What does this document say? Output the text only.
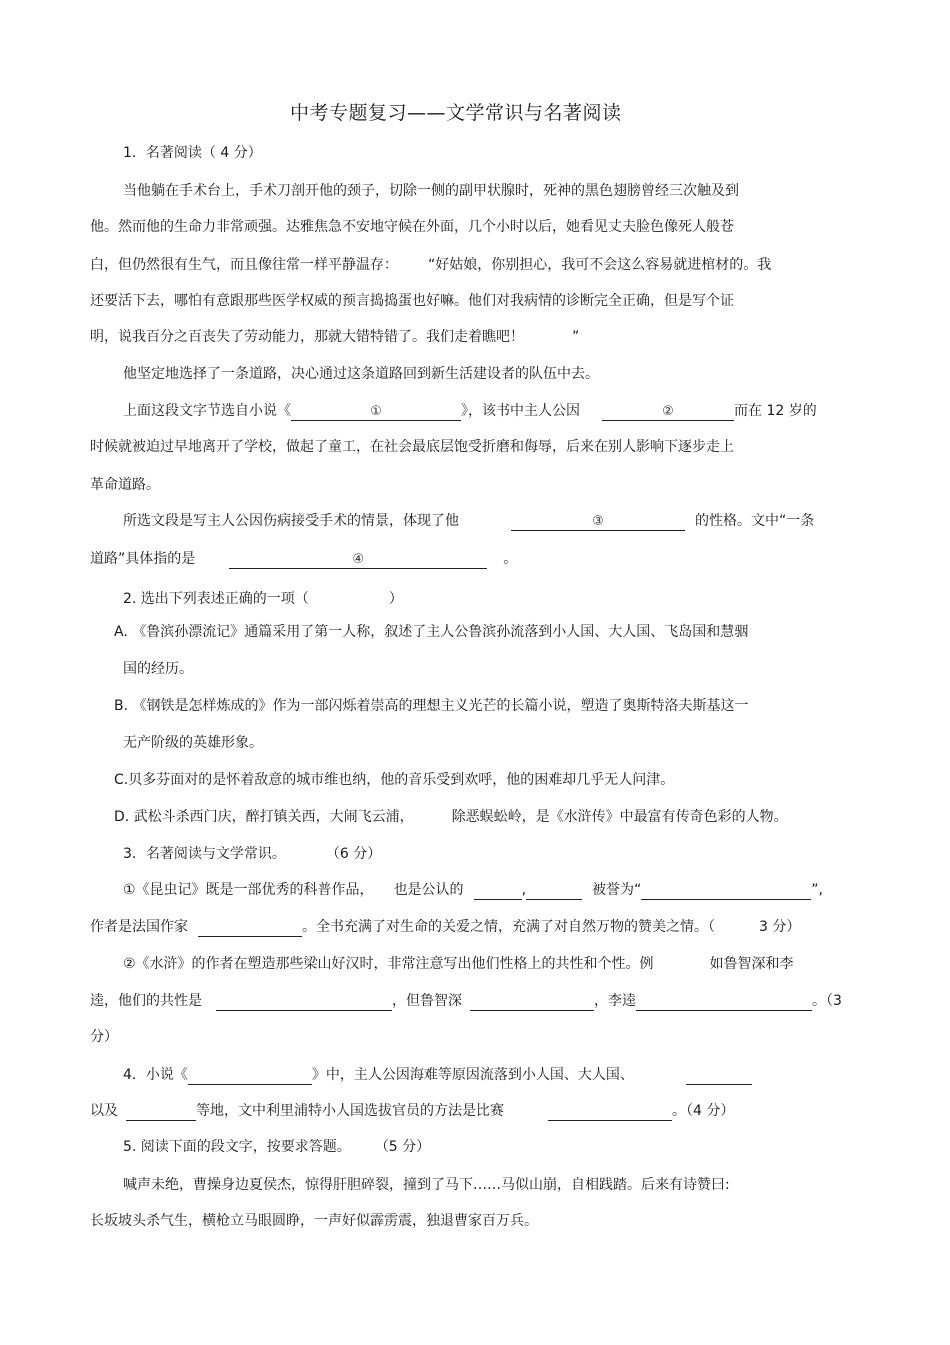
中考专题复习——文学常识与名著阅读
1．名著阅读（ 4 分）
当他躺在手术台上，手术刀剖开他的颈子，切除一侧的副甲状腺时，死神的黑色翅膀曾经三次触及到
他。然而他的生命力非常顽强。达雅焦急不安地守候在外面，几个小时以后，她看见丈夫脸色像死人般苍
白，但仍然很有生气，而且像往常一样平静温存： “好姑娘，你别担心，我可不会这么容易就进棺材的。我
还要活下去，哪怕有意跟那些医学权威的预言捣捣蛋也好嘛。他们对我病情的诊断完全正确，但是写个证
明，说我百分之百丧失了劳动能力，那就大错特错了。我们走着瞧吧！	”
他坚定地选择了一条道路，决心通过这条道路回到新生活建设者的队伍中去。
上面这段文字节选自小说《	①	》，该书中主人公因	②	而在 12 岁的
时候就被迫过早地离开了学校，做起了童工，在社会最底层饱受折磨和侮辱，后来在别人影响下逐步走上
革命道路。
所选文段是写主人公因伤病接受手术的情景，体现了他	③	的性格。文中“一条
道路”具体指的是	④	。
2. 选出下列表述正确的一项（	）
A. 《鲁滨孙漂流记》通篇采用了第一人称，叙述了主人公鲁滨孙流落到小人国、大人国、飞岛国和慧骃
国的经历。
B. 《钢铁是怎样炼成的》作为一部闪烁着崇高的理想主义光芒的长篇小说，塑造了奥斯特洛夫斯基这一
无产阶级的英雄形象。
C.贝多芬面对的是怀着敌意的城市维也纳，他的音乐受到欢呼，他的困难却几乎无人问津。
D. 武松斗杀西门庆，醉打镇关西，大闹飞云浦，	除恶蜈蚣岭，是《水浒传》中最富有传奇色彩的人物。
3．名著阅读与文学常识。	（6 分）
①《昆虫记》既是一部优秀的科普作品， 也是公认的	,	被誉为“	”,
作者是法国作家	。全书充满了对生命的关爱之情，充满了对自然万物的赞美之情。（	3 分）
②《水浒》的作者在塑造那些梁山好汉时，非常注意写出他们性格上的共性和个性。例	如鲁智深和李
逵，他们的共性是	，但鲁智深	，李逵	。（3
分）
4．小说《	》中，主人公因海难等原因流落到小人国、大人国、
以及	等地，文中利里浦特小人国选拔官员的方法是比赛	。（4 分）
5. 阅读下面的段文字，按要求答题。 （5 分）
喊声未绝，曹操身边夏侯杰，惊得肝胆碎裂，撞到了马下……马似山崩，自相践踏。后来有诗赞曰:
长坂坡头杀气生，横枪立马眼圆睁，一声好似霹雳震，独退曹家百万兵。
